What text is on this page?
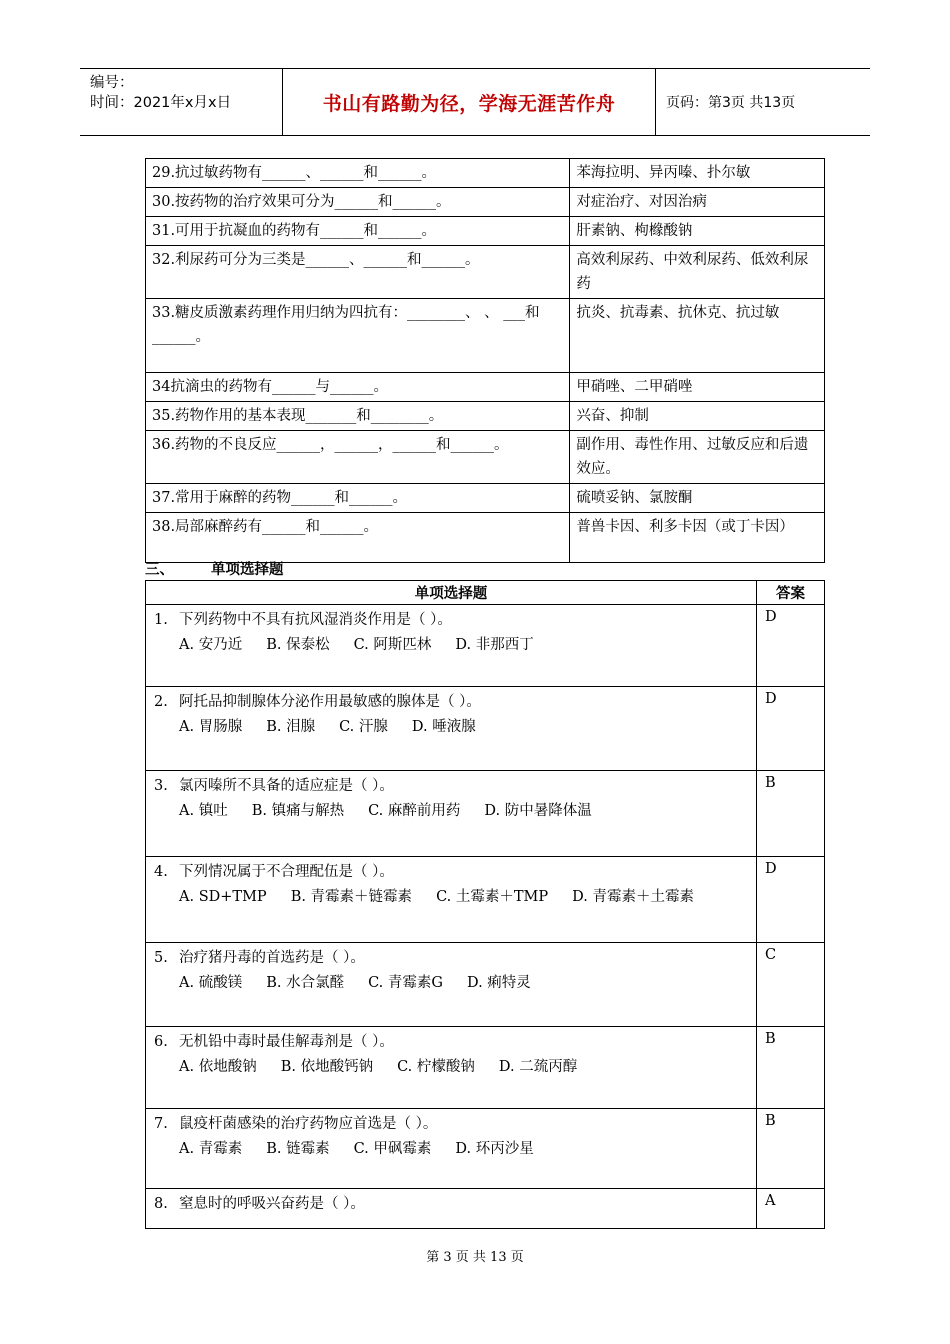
编号：
时间：2021年x月x日	书山有路勤为径，学海无涯苦作舟	页码：第3页 共13页
29.抗过敏药物有______、______和______。	苯海拉明、异丙嗪、扑尔敏
30.按药物的治疗效果可分为______和______。	对症治疗、对因治病
31.可用于抗凝血的药物有______和______。	肝素钠、枸橼酸钠
32.利尿药可分为三类是______、______和______。	高效利尿药、中效利尿药、低效利尿药
33.糖皮质激素药理作用归纳为四抗有：________、 、 ___和______。	抗炎、抗毒素、抗休克、抗过敏
34抗滴虫的药物有______与______。	甲硝唑、二甲硝唑
35.药物作用的基本表现_______和________。	兴奋、抑制
36.药物的不良反应______，______，______和______。	副作用、毒性作用、过敏反应和后遗效应。
37.常用于麻醉的药物______和______。	硫喷妥钠、氯胺酮
38.局部麻醉药有______和______。	普兽卡因、利多卡因（或丁卡因）
三、	单项选择题
单项选择题	答案

1. 下列药物中不具有抗风湿消炎作用是（ ）。
A. 安乃近 B. 保泰松 C. 阿斯匹林 D. 非那西丁	D

2. 阿托品抑制腺体分泌作用最敏感的腺体是（ ）。
A. 胃肠腺 B. 泪腺 C. 汗腺 D. 唾液腺	D

3. 氯丙嗪所不具备的适应症是（ ）。
A. 镇吐 B. 镇痛与解热 C. 麻醉前用药 D. 防中暑降体温	B

4. 下列情况属于不合理配伍是（ ）。
A. SD+TMP B. 青霉素＋链霉素 C. 土霉素＋TMP D. 青霉素＋土霉素	D

5. 治疗猪丹毒的首选药是（ ）。
A. 硫酸镁 B. 水合氯醛 C. 青霉素G D. 痢特灵	C

6. 无机铅中毒时最佳解毒剂是（ ）。
A. 依地酸钠 B. 依地酸钙钠 C. 柠檬酸钠 D. 二巯丙醇	B

7. 鼠疫杆菌感染的治疗药物应首选是（ ）。
A. 青霉素 B. 链霉素 C. 甲砜霉素 D. 环丙沙星	B

8. 窒息时的呼吸兴奋药是（ ）。	A
第 3 页 共 13 页
